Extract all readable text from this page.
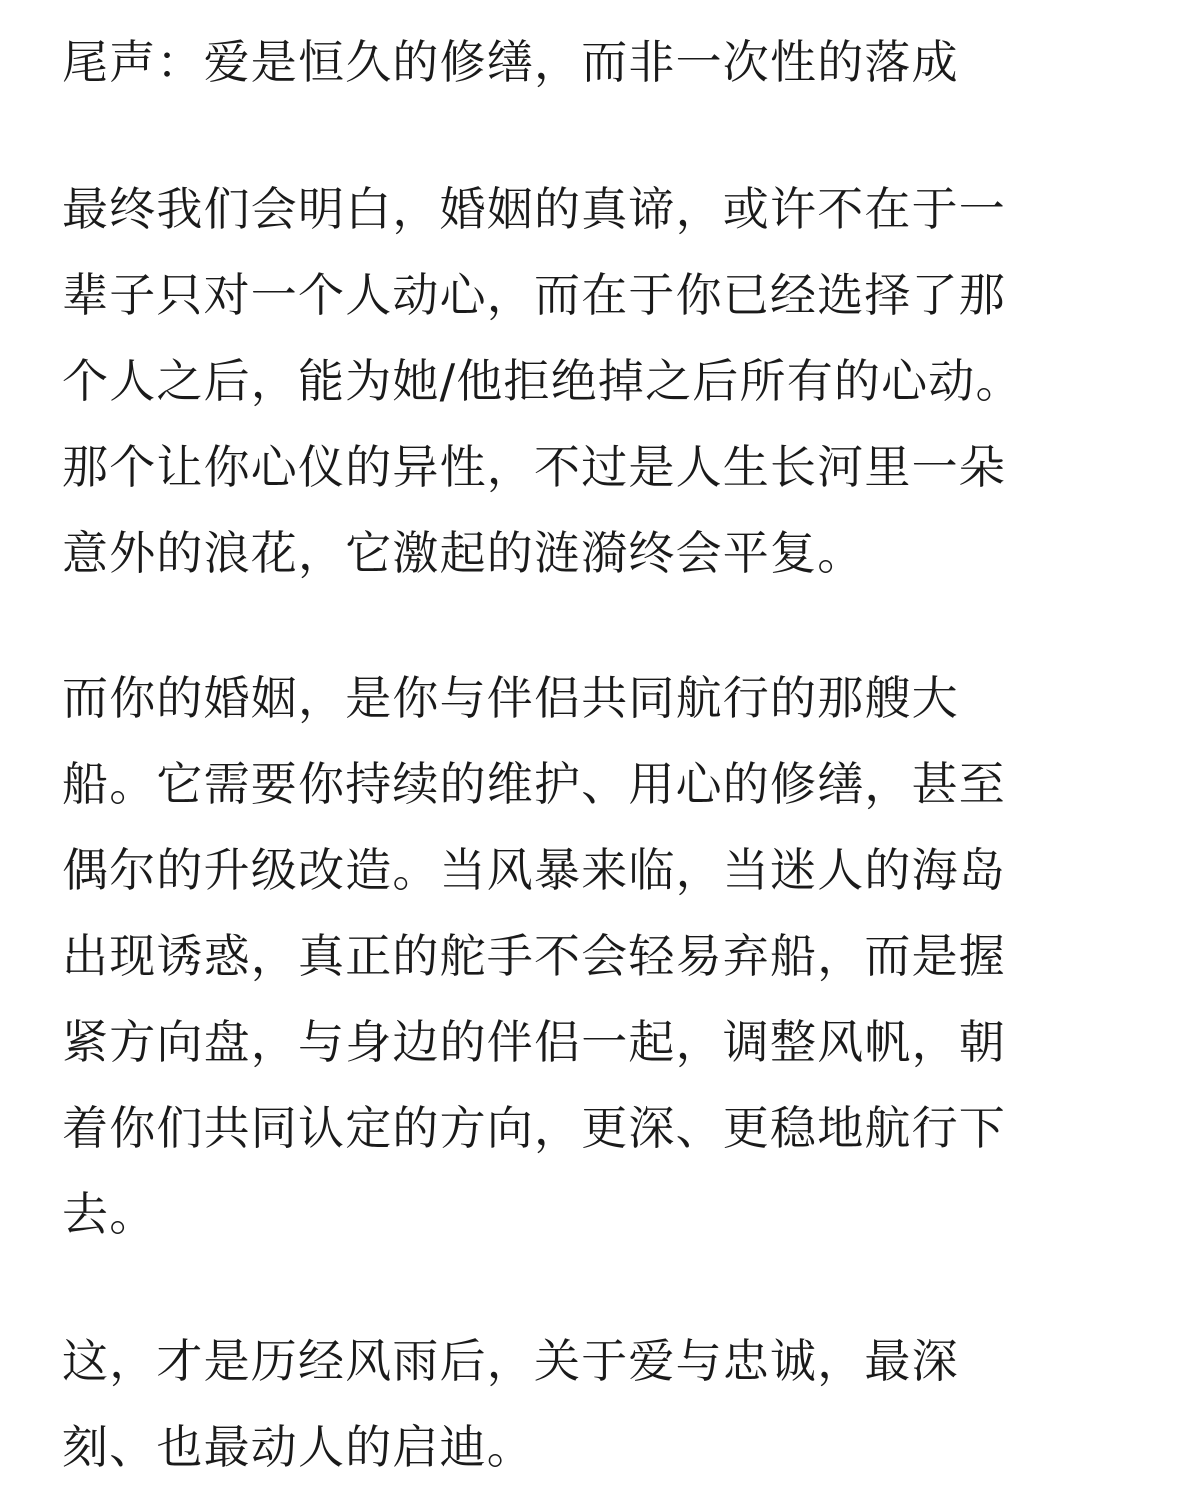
尾声：爱是恒久的修缮，而非一次性的落成
最终我们会明白，婚姻的真谛，或许不在于一
辈子只对一个人动心，而在于你已经选择了那
个人之后，能为她/他拒绝掉之后所有的心动。
那个让你心仪的异性，不过是人生长河里一朵
意外的浪花，它激起的涟漪终会平复。
而你的婚姻，是你与伴侣共同航行的那艘大
船。它需要你持续的维护、用心的修缮，甚至
偶尔的升级改造。当风暴来临，当迷人的海岛
出现诱惑，真正的舵手不会轻易弃船，而是握
紧方向盘，与身边的伴侣一起，调整风帆，朝
着你们共同认定的方向，更深、更稳地航行下
去。
这，才是历经风雨后，关于爱与忠诚，最深
刻、也最动人的启迪。
